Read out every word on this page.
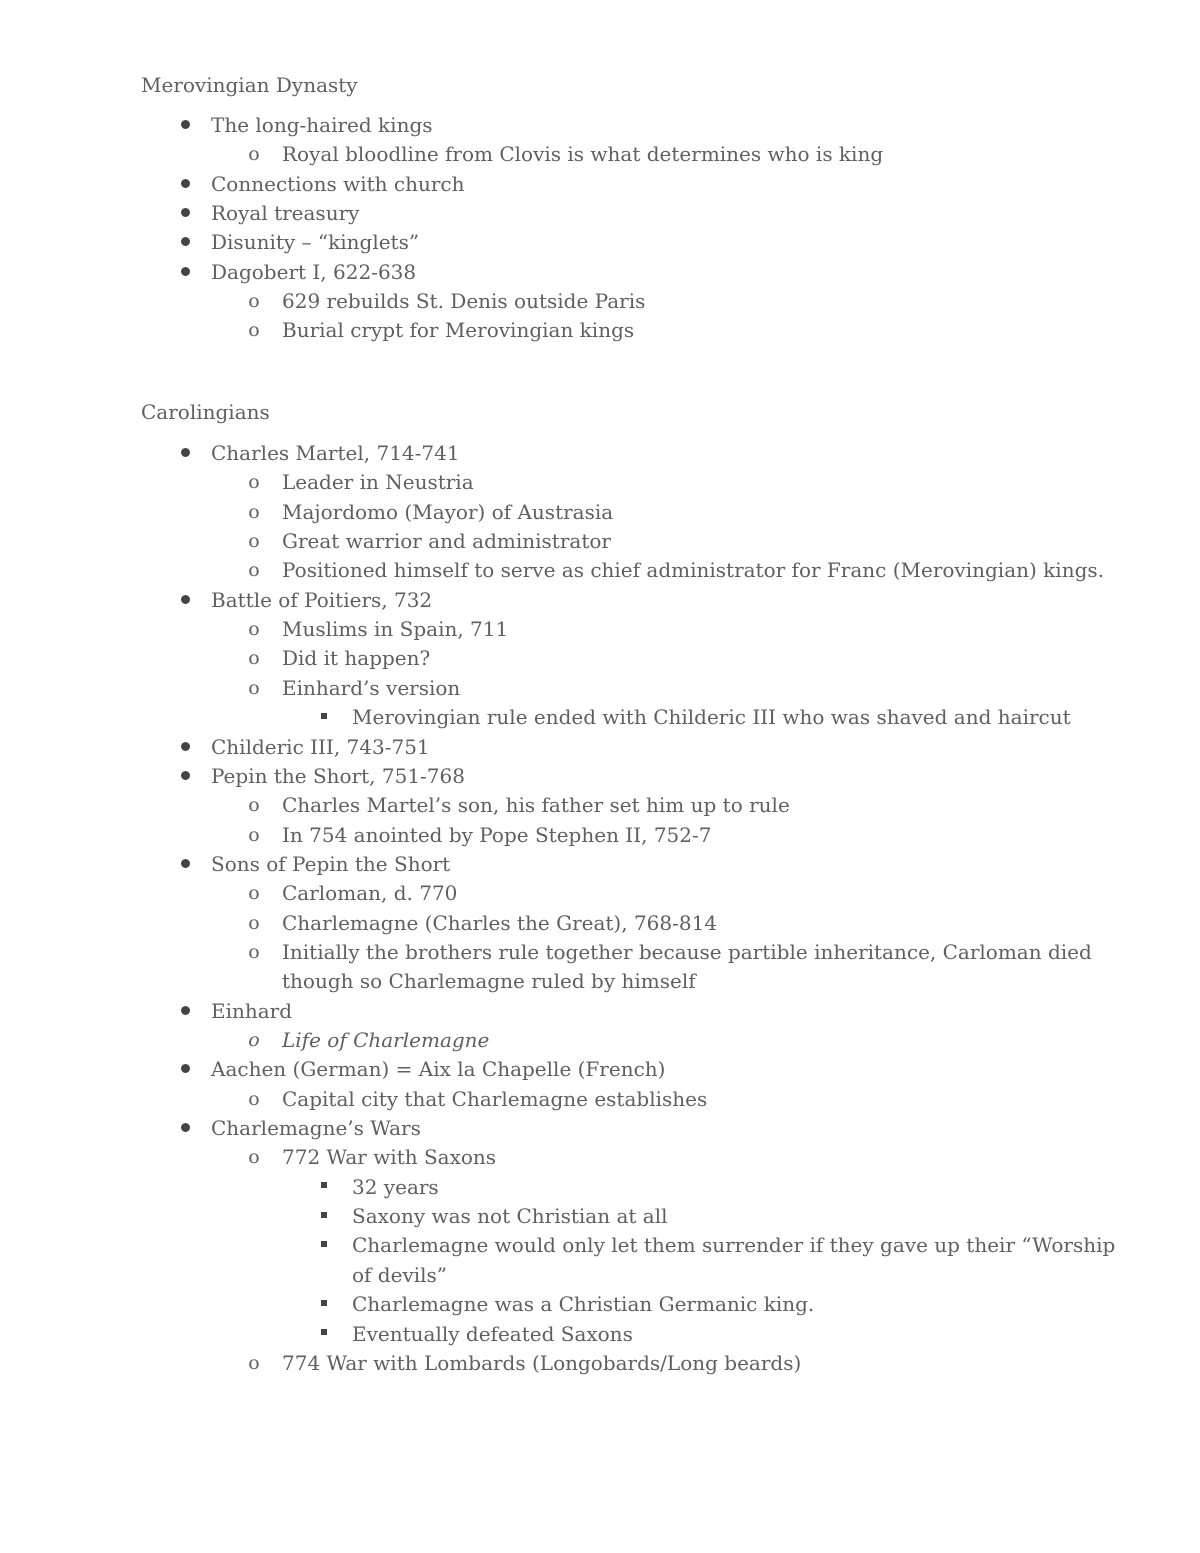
Merovingian Dynasty
The long-haired kings
o Royal bloodline from Clovis is what determines who is king
Connections with church
Royal treasury
Disunity – “kinglets”
Dagobert I, 622-638
o 629 rebuilds St. Denis outside Paris
o Burial crypt for Merovingian kings
Carolingians
Charles Martel, 714-741
o Leader in Neustria
o Majordomo (Mayor) of Austrasia
o Great warrior and administrator
o Positioned himself to serve as chief administrator for Franc (Merovingian) kings.
Battle of Poitiers, 732
o Muslims in Spain, 711
o Did it happen?
o Einhard’s version
Merovingian rule ended with Childeric III who was shaved and haircut
Childeric III, 743-751
Pepin the Short, 751-768
o Charles Martel’s son, his father set him up to rule
o In 754 anointed by Pope Stephen II, 752-7
Sons of Pepin the Short
o Carloman, d. 770
o Charlemagne (Charles the Great), 768-814
o Initially the brothers rule together because partible inheritance, Carloman died
though so Charlemagne ruled by himself
Einhard
o Life of Charlemagne
Aachen (German) = Aix la Chapelle (French)
o Capital city that Charlemagne establishes
Charlemagne’s Wars
o 772 War with Saxons
32 years
Saxony was not Christian at all
Charlemagne would only let them surrender if they gave up their “Worship
of devils”
Charlemagne was a Christian Germanic king.
Eventually defeated Saxons
o 774 War with Lombards (Longobards/Long beards)
